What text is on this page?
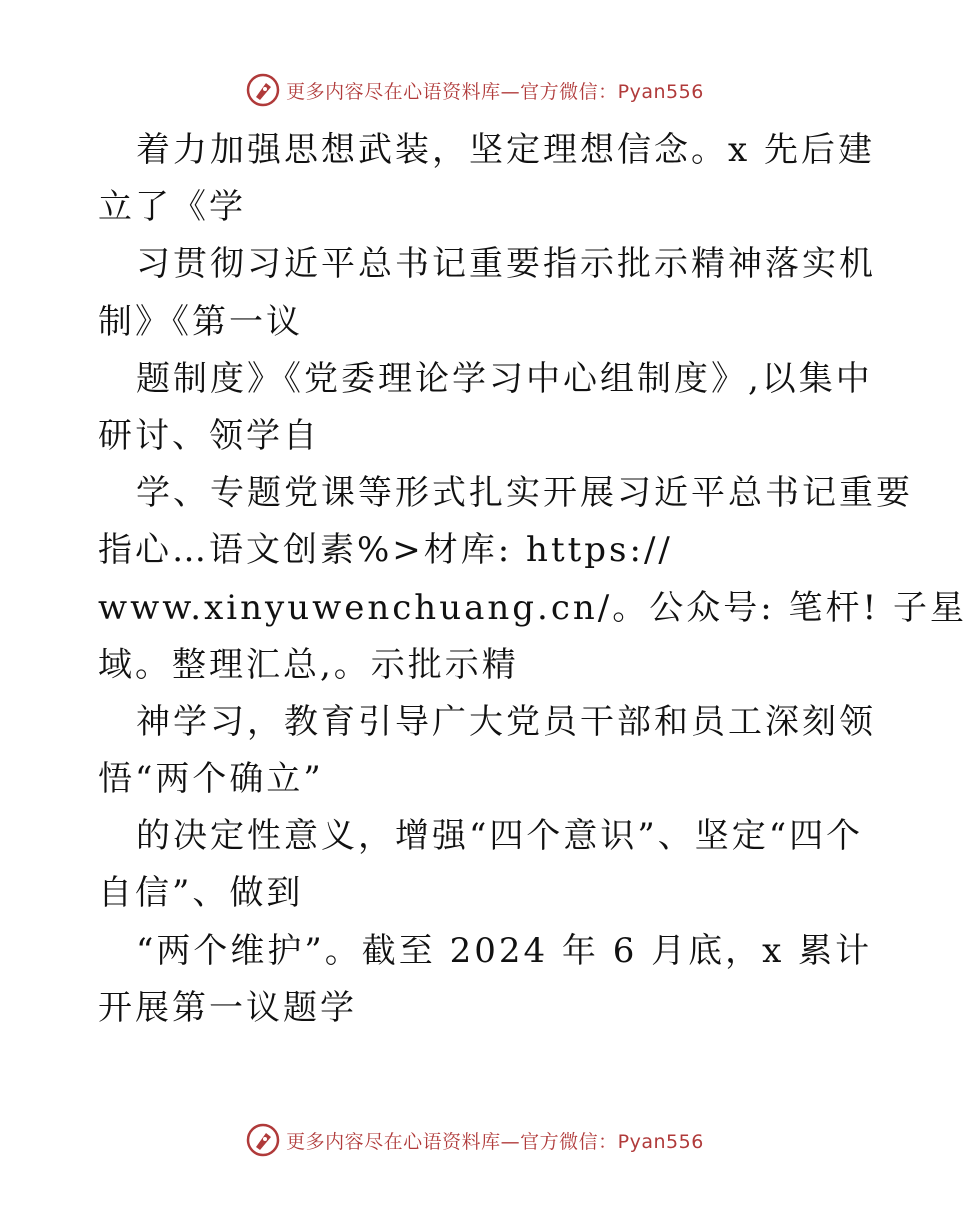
更多内容尽在心语资料库—官方微信：Pyan556
着力加强思想武装，坚定理想信念。x 先后建
立了《学
习贯彻习近平总书记重要指示批示精神落实机
制》《第一议
题制度》《党委理论学习中心组制度》,以集中
研讨、领学自
学、专题党课等形式扎实开展习近平总书记重要
指心…语文创素%>材库: https://
www.xinyuwenchuang.cn/。公众号: 笔杆! 子星
域。整理汇总,。示批示精
神学习，教育引导广大党员干部和员工深刻领
悟“两个确立”
的决定性意义，增强“四个意识”、坚定“四个
自信”、做到
“两个维护”。截至 2024 年 6 月底，x 累计
开展第一议题学
更多内容尽在心语资料库—官方微信：Pyan556
